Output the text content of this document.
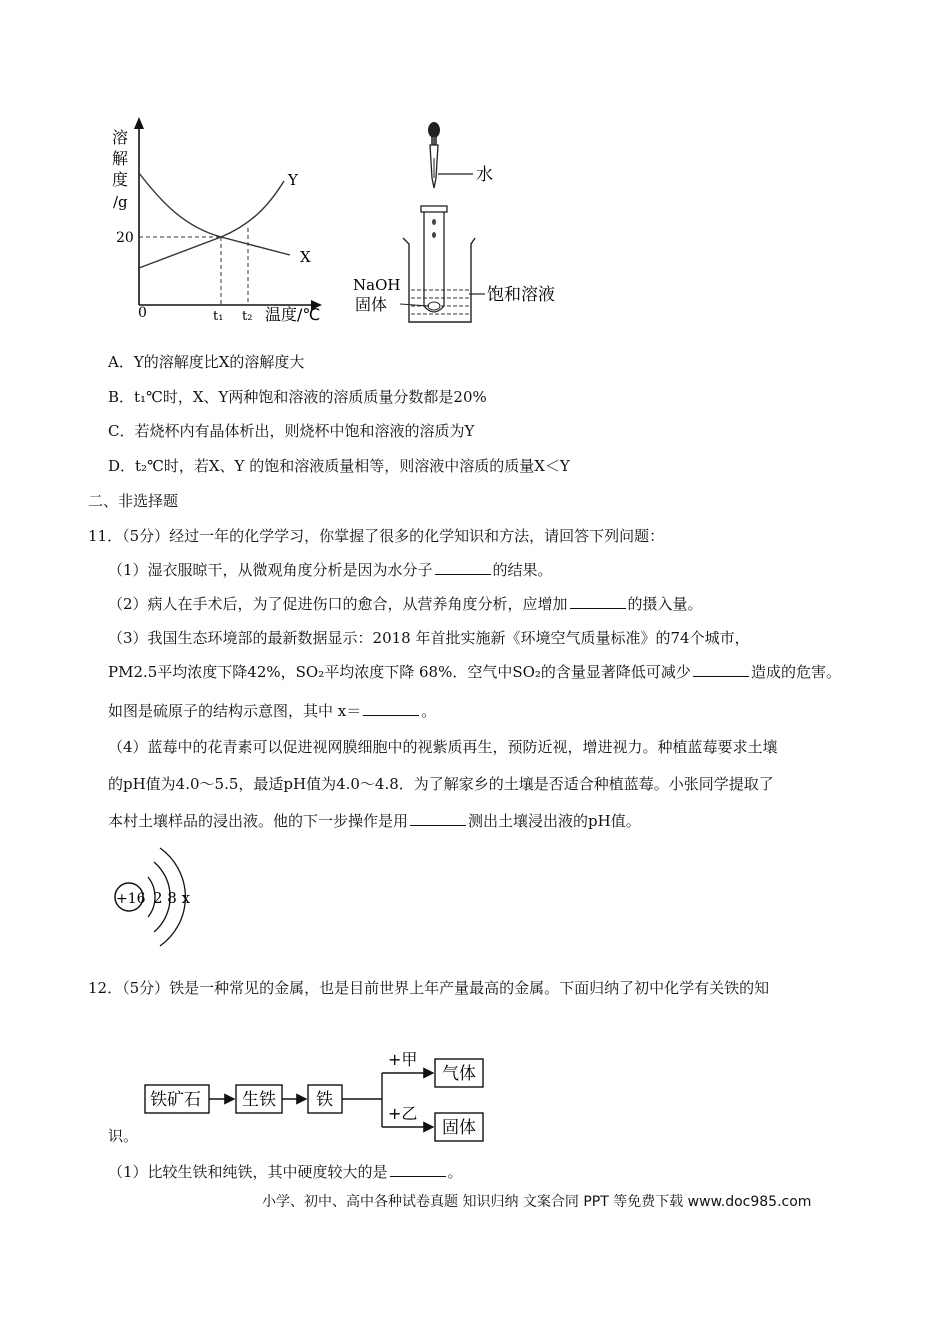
溶
解
度
/g
20
0
Y
X
t₁ t₂ 温度/℃
水
NaOH
固体	饱和溶液
A．Y的溶解度比X的溶解度大
B．t₁℃时，X、Y两种饱和溶液的溶质质量分数都是20%
C．若烧杯内有晶体析出，则烧杯中饱和溶液的溶质为Y
D．t₂℃时，若X、Y 的饱和溶液质量相等，则溶液中溶质的质量X＜Y
二、非选择题
11．（5分）经过一年的化学学习，你掌握了很多的化学知识和方法，请回答下列问题：
（1）湿衣服晾干，从微观角度分析是因为水分子	的结果。
（2）病人在手术后，为了促进伤口的愈合，从营养角度分析，应增加	的摄入量。
（3）我国生态环境部的最新数据显示：2018 年首批实施新《环境空气质量标准》的74个城市，
PM2.5平均浓度下降42%，SO₂平均浓度下降 68%．空气中SO₂的含量显著降低可减少	造成的危害。
如图是硫原子的结构示意图，其中 x＝	。
（4）蓝莓中的花青素可以促进视网膜细胞中的视紫质再生，预防近视，增进视力。种植蓝莓要求土壤
的pH值为4.0～5.5，最适pH值为4.0～4.8．为了解家乡的土壤是否适合种植蓝莓。小张同学提取了
本村土壤样品的浸出液。他的下一步操作是用	测出土壤浸出液的pH值。
+16 2 8 x
12．（5分）铁是一种常见的金属，也是目前世界上年产量最高的金属。下面归纳了初中化学有关铁的知
铁矿石 生铁 铁
+甲
+乙
气体
固体
识。
（1）比较生铁和纯铁，其中硬度较大的是	。
小学、初中、高中各种试卷真题 知识归纳 文案合同 PPT 等免费下载 www.doc985.com
